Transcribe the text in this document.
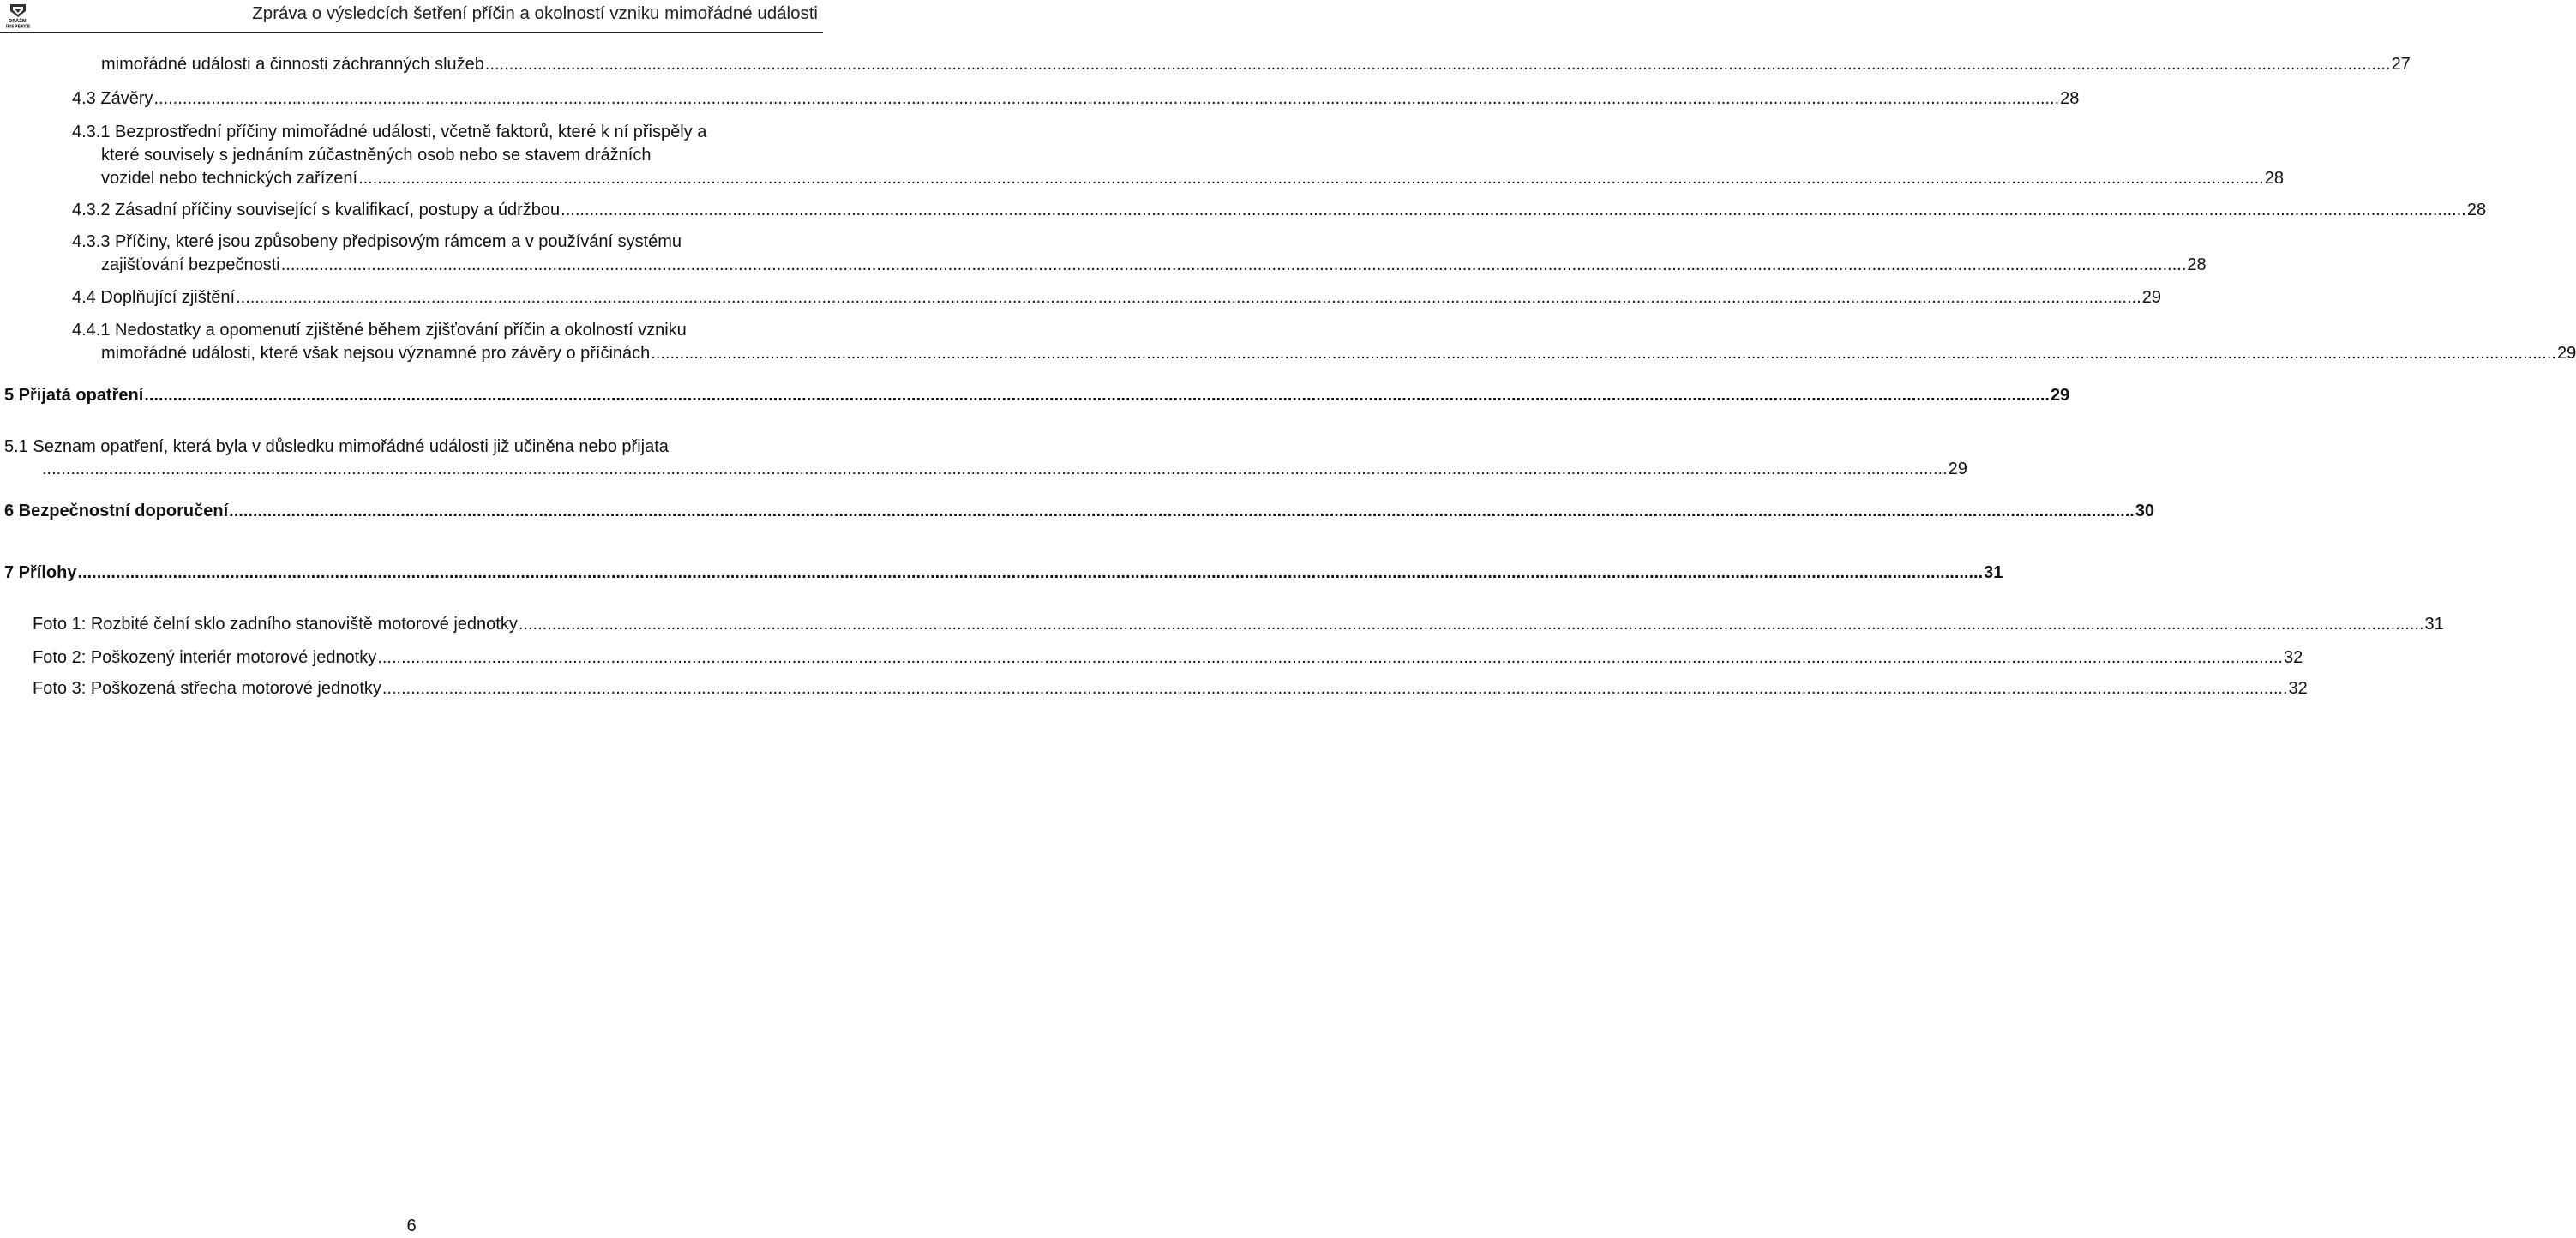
DRÁŽNÍ
INSPEKCE
Zpráva o výsledcích šetření příčin a okolností vzniku mimořádné události
mimořádné události a činnosti záchranných služeb ................................................................................................................................................................................................................................................................................................................................................................................................................ 27
4.3 Závěry ................................................................................................................................................................................................................................................................................................................................................................................................................ 28
4.3.1 Bezprostřední příčiny mimořádné události, včetně faktorů, které k ní přispěly a
které souvisely s jednáním zúčastněných osob nebo se stavem drážních
vozidel nebo technických zařízení ................................................................................................................................................................................................................................................................................................................................................................................................................ 28
4.3.2 Zásadní příčiny související s kvalifikací, postupy a údržbou ................................................................................................................................................................................................................................................................................................................................................................................................................ 28
4.3.3 Příčiny, které jsou způsobeny předpisovým rámcem a v používání systému
zajišťování bezpečnosti ................................................................................................................................................................................................................................................................................................................................................................................................................ 28
4.4 Doplňující zjištění ................................................................................................................................................................................................................................................................................................................................................................................................................ 29
4.4.1 Nedostatky a opomenutí zjištěné během zjišťování příčin a okolností vzniku
mimořádné události, které však nejsou významné pro závěry o příčinách ................................................................................................................................................................................................................................................................................................................................................................................................................ 29
5 Přijatá opatření ................................................................................................................................................................................................................................................................................................................................................................................................................ 29
5.1 Seznam opatření, která byla v důsledku mimořádné události již učiněna nebo přijata
................................................................................................................................................................................................................................................................................................................................................................................................................ 29
6 Bezpečnostní doporučení ................................................................................................................................................................................................................................................................................................................................................................................................................ 30
7 Přílohy ................................................................................................................................................................................................................................................................................................................................................................................................................ 31
Foto 1: Rozbité čelní sklo zadního stanoviště motorové jednotky ................................................................................................................................................................................................................................................................................................................................................................................................................ 31
Foto 2: Poškozený interiér motorové jednotky ................................................................................................................................................................................................................................................................................................................................................................................................................ 32
Foto 3: Poškozená střecha motorové jednotky ................................................................................................................................................................................................................................................................................................................................................................................................................ 32
6
